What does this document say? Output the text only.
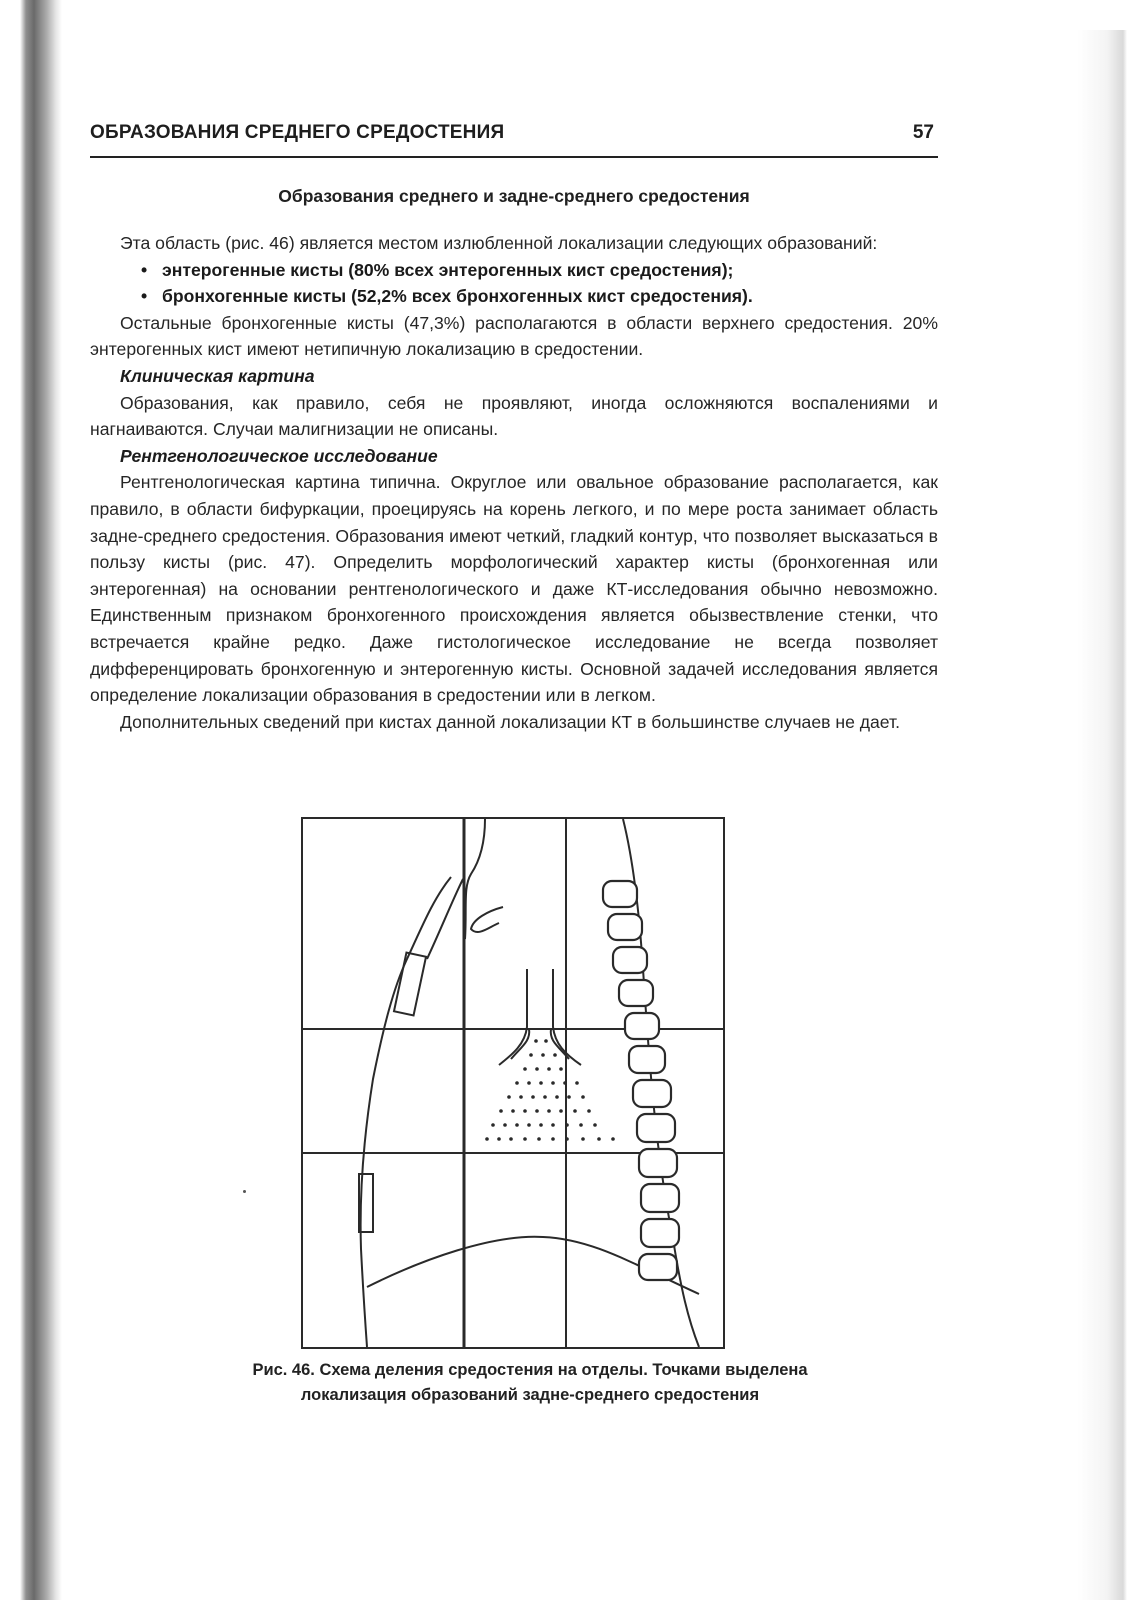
ОБРАЗОВАНИЯ СРЕДНЕГО СРЕДОСТЕНИЯ	57
Образования среднего и задне-среднего средостения

Эта область (рис. 46) является местом излюбленной локализации следующих образований:

• энтерогенные кисты (80% всех энтерогенных кист средостения);
• бронхогенные кисты (52,2% всех бронхогенных кист средостения).

Остальные бронхогенные кисты (47,3%) располагаются в области верхнего средостения. 20% энтерогенных кист имеют нетипичную локализацию в средостении.

Клиническая картина

Образования, как правило, себя не проявляют, иногда осложняются воспалениями и нагнаиваются. Случаи малигнизации не описаны.

Рентгенологическое исследование

Рентгенологическая картина типична. Округлое или овальное образование располагается, как правило, в области бифуркации, проецируясь на корень легкого, и по мере роста занимает область задне-среднего средостения. Образования имеют четкий, гладкий контур, что позволяет высказаться в пользу кисты (рис. 47). Определить морфологический характер кисты (бронхогенная или энтерогенная) на основании рентгенологического и даже КТ-исследования обычно невозможно. Единственным признаком бронхогенного происхождения является обызвествление стенки, что встречается крайне редко. Даже гистологическое исследование не всегда позволяет дифференцировать бронхогенную и энтерогенную кисты. Основной задачей исследования является определение локализации образования в средостении или в легком.

Дополнительных сведений при кистах данной локализации КТ в большинстве случаев не дает.

Рис. 46. Схема деления средостения на отделы. Точками выделена
локализация образований задне-среднего средостения
